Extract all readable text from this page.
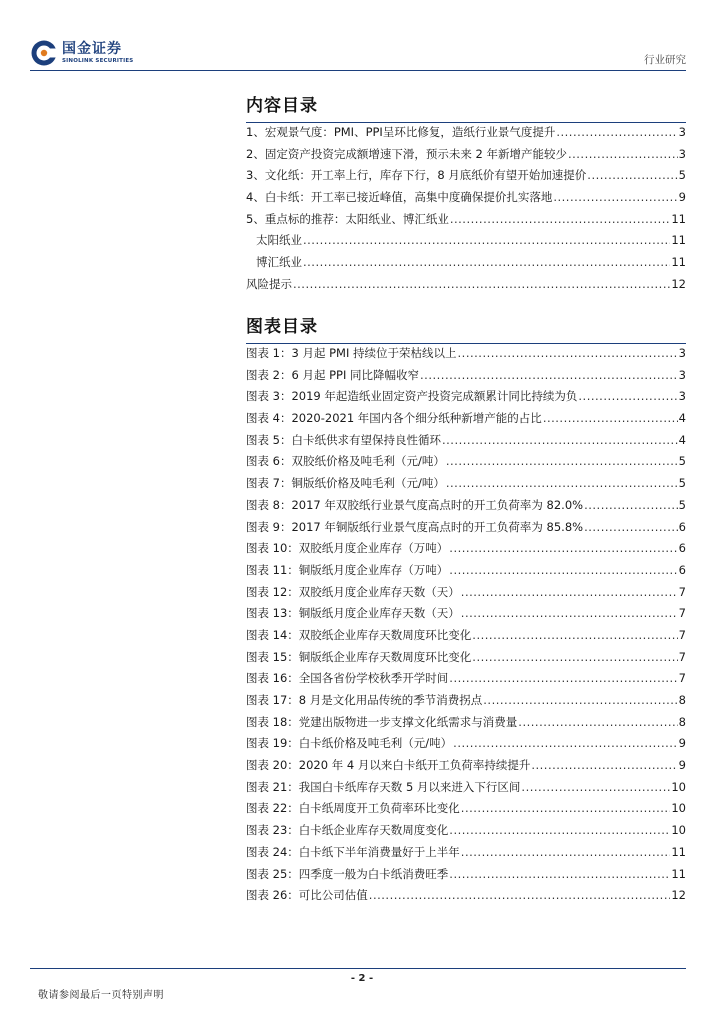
国金证券
SINOLINK SECURITIES	行业研究
内容目录
1、宏观景气度：PMI、PPI呈环比修复，造纸行业景气度提升 .....	3
2、固定资产投资完成额增速下滑，预示未来 2 年新增产能较少 .....	3
3、文化纸：开工率上行，库存下行，8 月底纸价有望开始加速提价 .....	5
4、白卡纸：开工率已接近峰值，高集中度确保提价扎实落地 .....	9
5、重点标的推荐：太阳纸业、博汇纸业 .....	11
太阳纸业 .....	11
博汇纸业 .....	11
风险提示 .....	12
图表目录
图表 1：3 月起 PMI 持续位于荣枯线以上 .....	3
图表 2：6 月起 PPI 同比降幅收窄 .....	3
图表 3：2019 年起造纸业固定资产投资完成额累计同比持续为负 .....	3
图表 4：2020-2021 年国内各个细分纸种新增产能的占比 .....	4
图表 5：白卡纸供求有望保持良性循环 .....	4
图表 6：双胶纸价格及吨毛利（元/吨） .....	5
图表 7：铜版纸价格及吨毛利（元/吨） .....	5
图表 8：2017 年双胶纸行业景气度高点时的开工负荷率为 82.0% .....	5
图表 9：2017 年铜版纸行业景气度高点时的开工负荷率为 85.8% .....	6
图表 10：双胶纸月度企业库存（万吨） .....	6
图表 11：铜版纸月度企业库存（万吨） .....	6
图表 12：双胶纸月度企业库存天数（天） .....	7
图表 13：铜版纸月度企业库存天数（天） .....	7
图表 14：双胶纸企业库存天数周度环比变化 .....	7
图表 15：铜版纸企业库存天数周度环比变化 .....	7
图表 16：全国各省份学校秋季开学时间 .....	7
图表 17：8 月是文化用品传统的季节消费拐点 .....	8
图表 18：党建出版物进一步支撑文化纸需求与消费量 .....	8
图表 19：白卡纸价格及吨毛利（元/吨） .....	9
图表 20：2020 年 4 月以来白卡纸开工负荷率持续提升 .....	9
图表 21：我国白卡纸库存天数 5 月以来进入下行区间 .....	10
图表 22：白卡纸周度开工负荷率环比变化 .....	10
图表 23：白卡纸企业库存天数周度变化 .....	10
图表 24：白卡纸下半年消费量好于上半年 .....	11
图表 25：四季度一般为白卡纸消费旺季 .....	11
图表 26：可比公司估值 .....	12
- 2 -
敬请参阅最后一页特别声明
